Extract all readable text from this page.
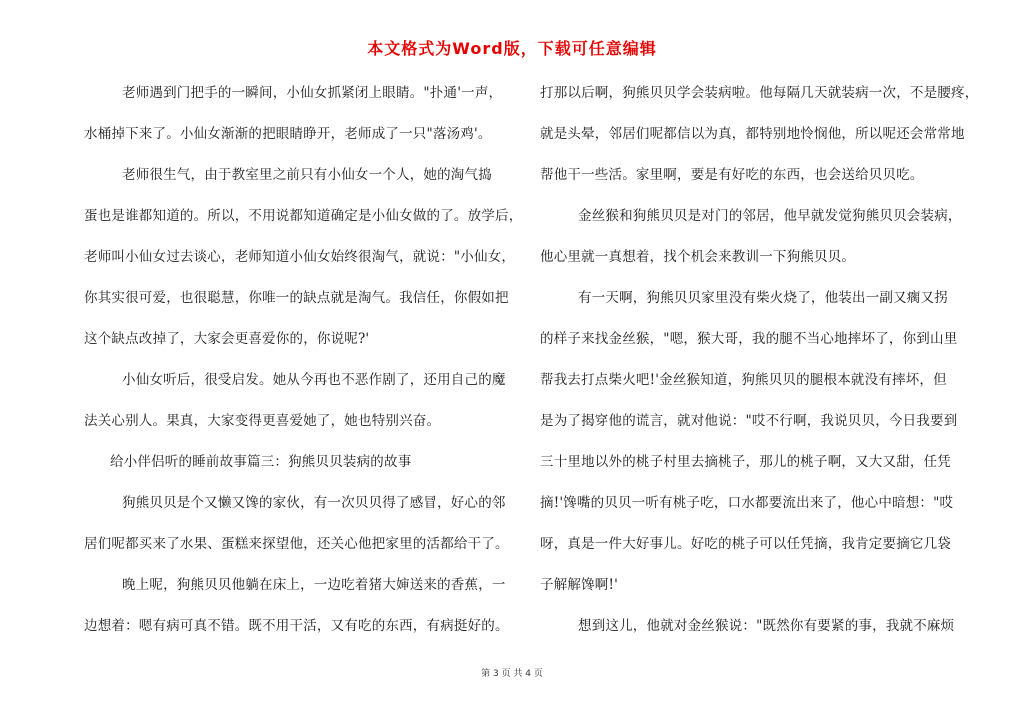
本文格式为Word版，下载可任意编辑
老师遇到门把手的一瞬间，小仙女抓紧闭上眼睛。"扑通'一声，
水桶掉下来了。小仙女渐渐的把眼睛睁开，老师成了一只"落汤鸡'。
老师很生气，由于教室里之前只有小仙女一个人，她的淘气捣
蛋也是谁都知道的。所以，不用说都知道确定是小仙女做的了。放学后，
老师叫小仙女过去谈心，老师知道小仙女始终很淘气，就说："小仙女，
你其实很可爱，也很聪慧，你唯一的缺点就是淘气。我信任，你假如把
这个缺点改掉了，大家会更喜爱你的，你说呢?'
小仙女听后，很受启发。她从今再也不恶作剧了，还用自己的魔
法关心别人。果真，大家变得更喜爱她了，她也特别兴奋。
给小伴侣听的睡前故事篇三：狗熊贝贝装病的故事
狗熊贝贝是个又懒又馋的家伙，有一次贝贝得了感冒，好心的邻
居们呢都买来了水果、蛋糕来探望他，还关心他把家里的活都给干了。
晚上呢，狗熊贝贝他躺在床上，一边吃着猪大婶送来的香蕉，一
边想着：嗯有病可真不错。既不用干活，又有吃的东西，有病挺好的。
打那以后啊，狗熊贝贝学会装病啦。他每隔几天就装病一次，不是腰疼，
就是头晕，邻居们呢都信以为真，都特别地怜悯他，所以呢还会常常地
帮他干一些活。家里啊，要是有好吃的东西，也会送给贝贝吃。
金丝猴和狗熊贝贝是对门的邻居，他早就发觉狗熊贝贝会装病，
他心里就一真想着，找个机会来教训一下狗熊贝贝。
有一天啊，狗熊贝贝家里没有柴火烧了，他装出一副又瘸又拐
的样子来找金丝猴，"嗯，猴大哥，我的腿不当心地摔坏了，你到山里
帮我去打点柴火吧!'金丝猴知道，狗熊贝贝的腿根本就没有摔坏，但
是为了揭穿他的谎言，就对他说："哎不行啊，我说贝贝，今日我要到
三十里地以外的桃子村里去摘桃子，那儿的桃子啊，又大又甜，任凭
摘!'馋嘴的贝贝一听有桃子吃，口水都要流出来了，他心中暗想："哎
呀，真是一件大好事儿。好吃的桃子可以任凭摘，我肯定要摘它几袋
子解解馋啊!'
想到这儿，他就对金丝猴说："既然你有要紧的事，我就不麻烦
第 3 页 共 4 页
